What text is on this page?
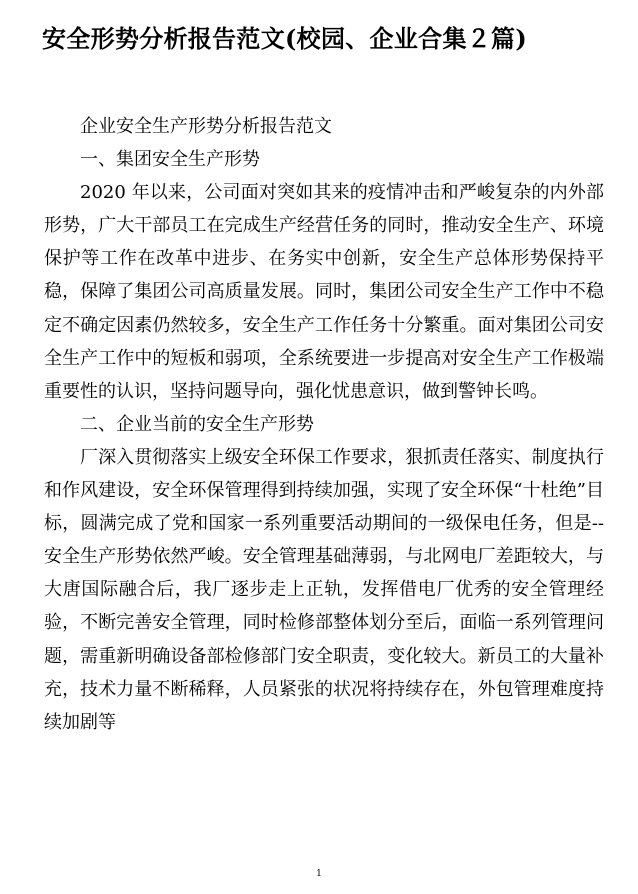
安全形势分析报告范文(校园、企业合集２篇)

企业安全生产形势分析报告范文

一、集团安全生产形势

2020 年以来，公司面对突如其来的疫情冲击和严峻复杂的内外部形势，广大干部员工在完成生产经营任务的同时，推动安全生产、环境保护等工作在改革中进步、在务实中创新，安全生产总体形势保持平稳，保障了集团公司高质量发展。同时，集团公司安全生产工作中不稳定不确定因素仍然较多，安全生产工作任务十分繁重。面对集团公司安全生产工作中的短板和弱项，全系统要进一步提高对安全生产工作极端重要性的认识，坚持问题导向，强化忧患意识，做到警钟长鸣。

二、企业当前的安全生产形势

厂深入贯彻落实上级安全环保工作要求，狠抓责任落实、制度执行和作风建设，安全环保管理得到持续加强，实现了安全环保“十杜绝”目标，圆满完成了党和国家一系列重要活动期间的一级保电任务，但是--安全生产形势依然严峻。安全管理基础薄弱，与北网电厂差距较大，与大唐国际融合后，我厂逐步走上正轨，发挥借电厂优秀的安全管理经验，不断完善安全管理，同时检修部整体划分至后，面临一系列管理问题，需重新明确设备部检修部门安全职责，变化较大。新员工的大量补充，技术力量不断稀释，人员紧张的状况将持续存在，外包管理难度持续加剧等

1
